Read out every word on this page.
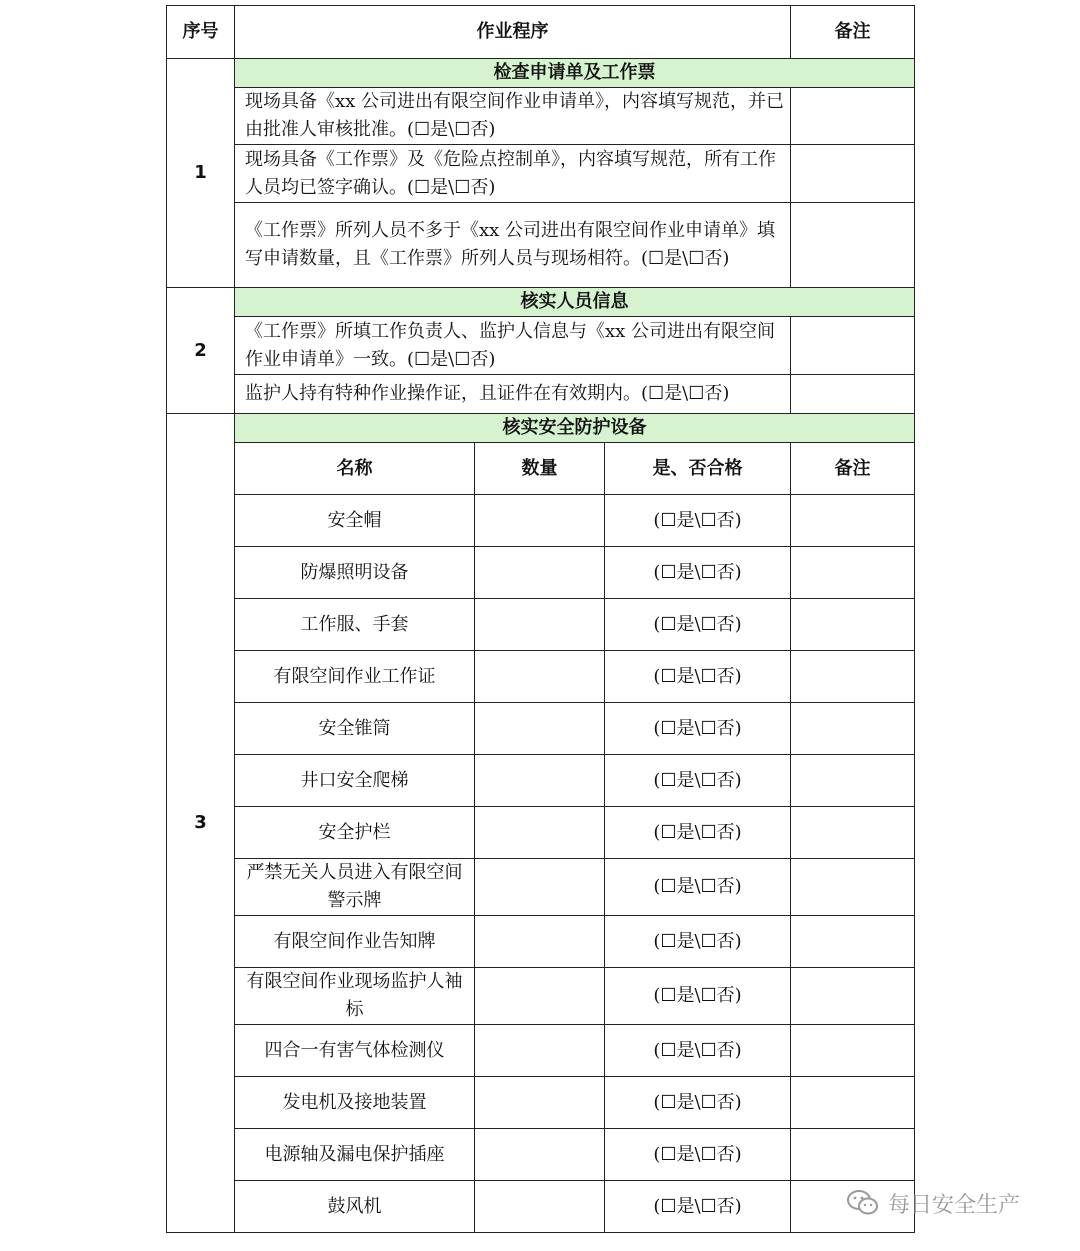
序号	作业程序			备注
1	检查申请单及工作票			
	现场具备《xx 公司进出有限空间作业申请单》，内容填写规范，并已由批准人审核批准。(☐是\☐否)			
	现场具备《工作票》及《危险点控制单》，内容填写规范，所有工作人员均已签字确认。(☐是\☐否)			
	《工作票》所列人员不多于《xx 公司进出有限空间作业申请单》填写申请数量，且《工作票》所列人员与现场相符。(☐是\☐否)			
2	核实人员信息			
	《工作票》所填工作负责人、监护人信息与《xx 公司进出有限空间作业申请单》一致。(☐是\☐否)			
	监护人持有特种作业操作证，且证件在有效期内。(☐是\☐否)			
3	核实安全防护设备			
	名称	数量	是、否合格	备注
	安全帽		(☐是\☐否)	
	防爆照明设备		(☐是\☐否)	
	工作服、手套		(☐是\☐否)	
	有限空间作业工作证		(☐是\☐否)	
	安全锥筒		(☐是\☐否)	
	井口安全爬梯		(☐是\☐否)	
	安全护栏		(☐是\☐否)	
	严禁无关人员进入有限空间警示牌		(☐是\☐否)	
	有限空间作业告知牌		(☐是\☐否)	
	有限空间作业现场监护人袖标		(☐是\☐否)	
	四合一有害气体检测仪		(☐是\☐否)	
	发电机及接地装置		(☐是\☐否)	
	电源轴及漏电保护插座		(☐是\☐否)	
	鼓风机		(☐是\☐否)		每日安全生产
